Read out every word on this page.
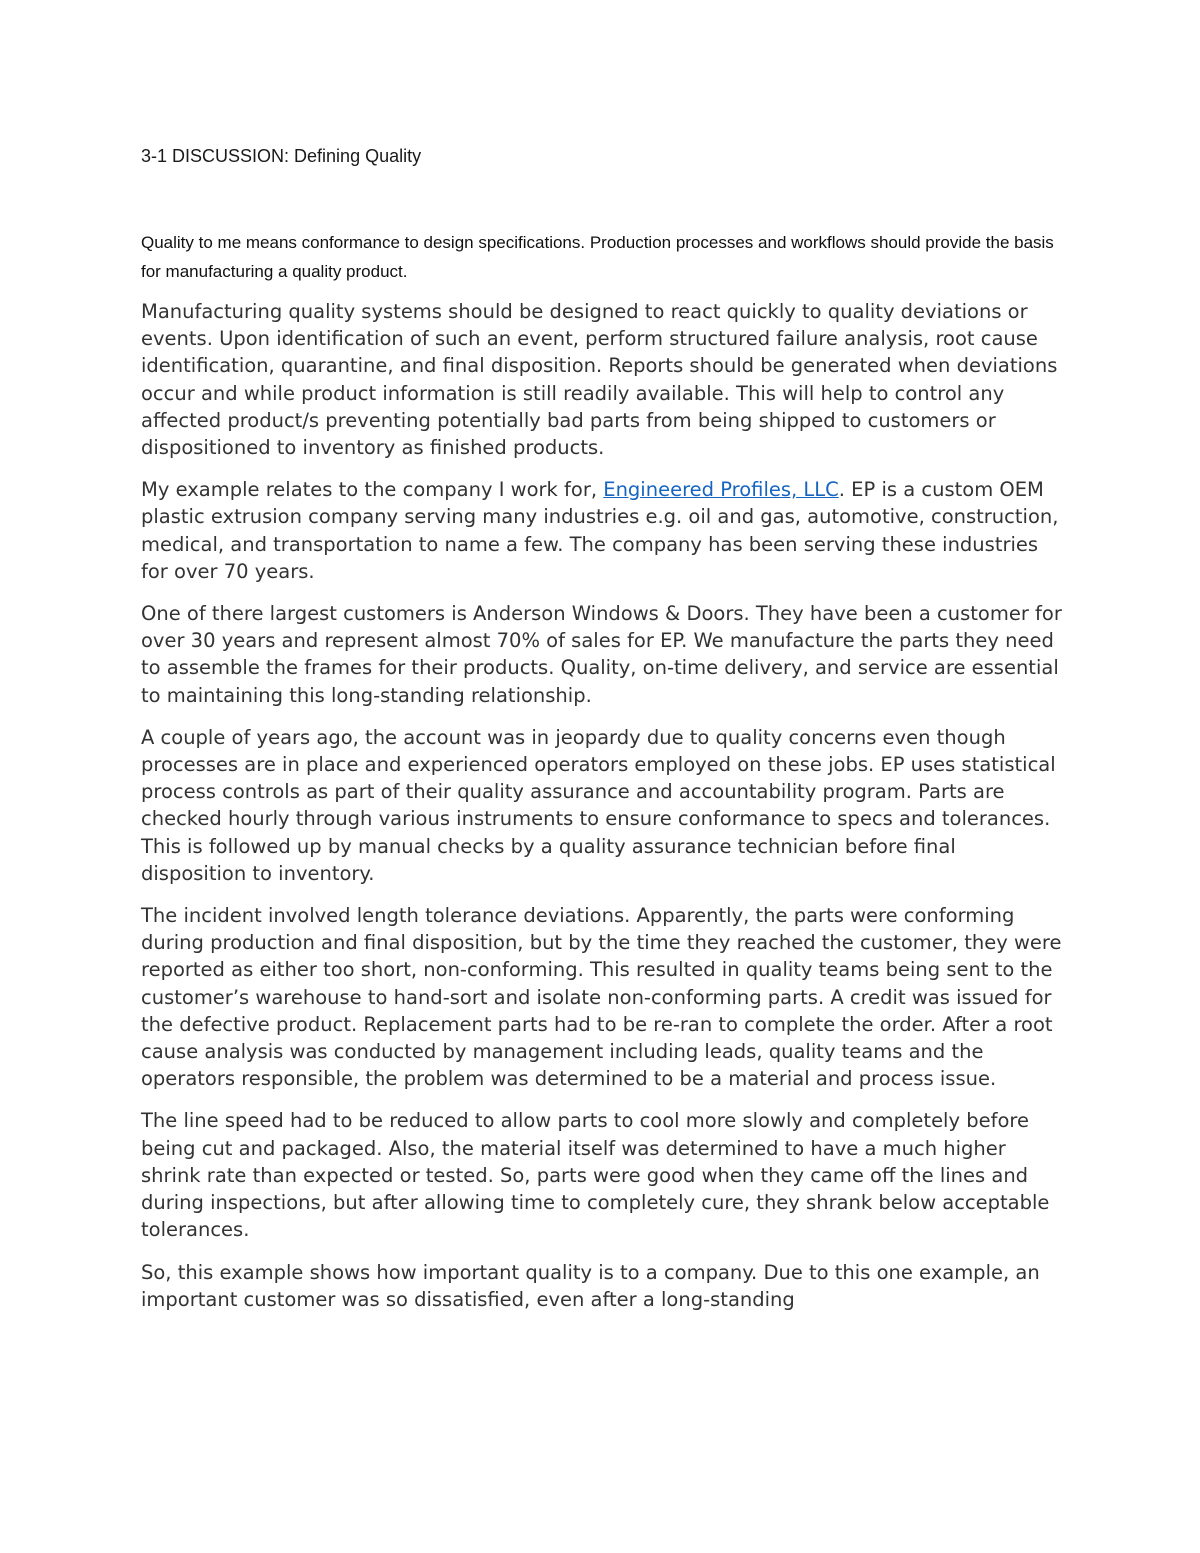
3-1 DISCUSSION: Defining Quality

Quality to me means conformance to design specifications. Production processes and workflows should provide the basis for manufacturing a quality product.

Manufacturing quality systems should be designed to react quickly to quality deviations or events. Upon identification of such an event, perform structured failure analysis, root cause identification, quarantine, and final disposition. Reports should be generated when deviations occur and while product information is still readily available. This will help to control any affected product/s preventing potentially bad parts from being shipped to customers or dispositioned to inventory as finished products.

My example relates to the company I work for, Engineered Profiles, LLC. EP is a custom OEM plastic extrusion company serving many industries e.g. oil and gas, automotive, construction, medical, and transportation to name a few. The company has been serving these industries for over 70 years.

One of there largest customers is Anderson Windows & Doors. They have been a customer for over 30 years and represent almost 70% of sales for EP. We manufacture the parts they need to assemble the frames for their products. Quality, on-time delivery, and service are essential to maintaining this long-standing relationship.

A couple of years ago, the account was in jeopardy due to quality concerns even though processes are in place and experienced operators employed on these jobs. EP uses statistical process controls as part of their quality assurance and accountability program. Parts are checked hourly through various instruments to ensure conformance to specs and tolerances. This is followed up by manual checks by a quality assurance technician before final disposition to inventory.

The incident involved length tolerance deviations. Apparently, the parts were conforming during production and final disposition, but by the time they reached the customer, they were reported as either too short, non-conforming. This resulted in quality teams being sent to the customer’s warehouse to hand-sort and isolate non-conforming parts. A credit was issued for the defective product. Replacement parts had to be re-ran to complete the order. After a root cause analysis was conducted by management including leads, quality teams and the operators responsible, the problem was determined to be a material and process issue.

The line speed had to be reduced to allow parts to cool more slowly and completely before being cut and packaged. Also, the material itself was determined to have a much higher shrink rate than expected or tested. So, parts were good when they came off the lines and during inspections, but after allowing time to completely cure, they shrank below acceptable tolerances.

So, this example shows how important quality is to a company. Due to this one example, an important customer was so dissatisfied, even after a long-standing
